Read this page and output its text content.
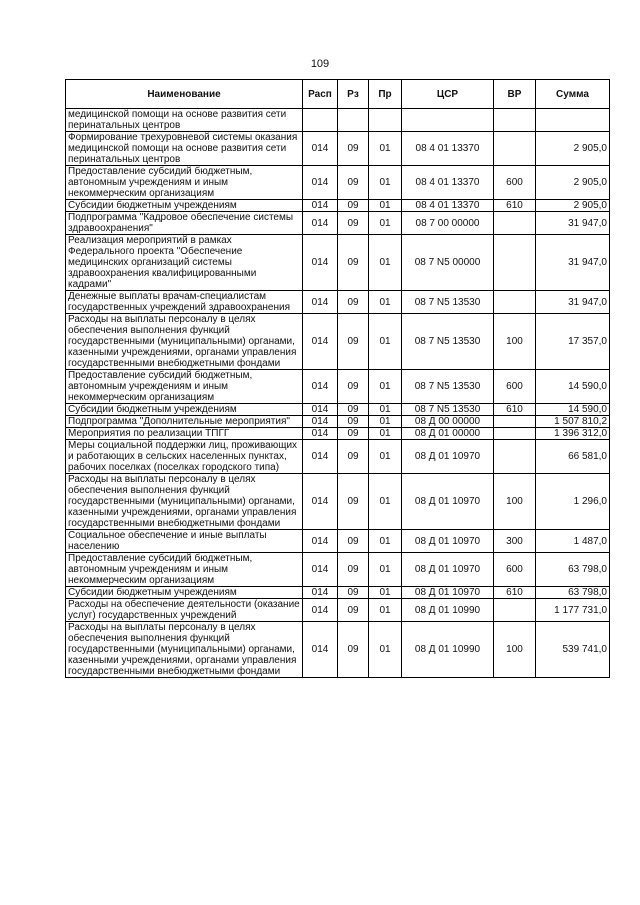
109
Наименование	Расп	Рз	Пр	ЦСР	ВР	Сумма
медицинской помощи на основе развития сети перинатальных центров						
Формирование трехуровневой системы оказания медицинской помощи на основе развития сети перинатальных центров	014	09	01	08 4 01 13370		2 905,0
Предоставление субсидий бюджетным, автономным учреждениям и иным некоммерческим организациям	014	09	01	08 4 01 13370	600	2 905,0
Субсидии бюджетным учреждениям	014	09	01	08 4 01 13370	610	2 905,0
Подпрограмма "Кадровое обеспечение системы здравоохранения"	014	09	01	08 7 00 00000		31 947,0
Реализация мероприятий в рамках Федерального проекта "Обеспечение медицинских организаций системы здравоохранения квалифицированными кадрами"	014	09	01	08 7 N5 00000		31 947,0
Денежные выплаты врачам-специалистам государственных учреждений здравоохранения	014	09	01	08 7 N5 13530		31 947,0
Расходы на выплаты персоналу в целях обеспечения выполнения функций государственными (муниципальными) органами, казенными учреждениями, органами управления государственными внебюджетными фондами	014	09	01	08 7 N5 13530	100	17 357,0
Предоставление субсидий бюджетным, автономным учреждениям и иным некоммерческим организациям	014	09	01	08 7 N5 13530	600	14 590,0
Субсидии бюджетным учреждениям	014	09	01	08 7 N5 13530	610	14 590,0
Подпрограмма "Дополнительные мероприятия"	014	09	01	08 Д 00 00000		1 507 810,2
Мероприятия по реализации ТПГГ	014	09	01	08 Д 01 00000		1 396 312,0
Меры социальной поддержки лиц, проживающих и работающих в сельских населенных пунктах, рабочих поселках (поселках городского типа)	014	09	01	08 Д 01 10970		66 581,0
Расходы на выплаты персоналу в целях обеспечения выполнения функций государственными (муниципальными) органами, казенными учреждениями, органами управления государственными внебюджетными фондами	014	09	01	08 Д 01 10970	100	1 296,0
Социальное обеспечение и иные выплаты населению	014	09	01	08 Д 01 10970	300	1 487,0
Предоставление субсидий бюджетным, автономным учреждениям и иным некоммерческим организациям	014	09	01	08 Д 01 10970	600	63 798,0
Субсидии бюджетным учреждениям	014	09	01	08 Д 01 10970	610	63 798,0
Расходы на обеспечение деятельности (оказание услуг) государственных учреждений	014	09	01	08 Д 01 10990		1 177 731,0
Расходы на выплаты персоналу в целях обеспечения выполнения функций государственными (муниципальными) органами, казенными учреждениями, органами управления государственными внебюджетными фондами	014	09	01	08 Д 01 10990	100	539 741,0
